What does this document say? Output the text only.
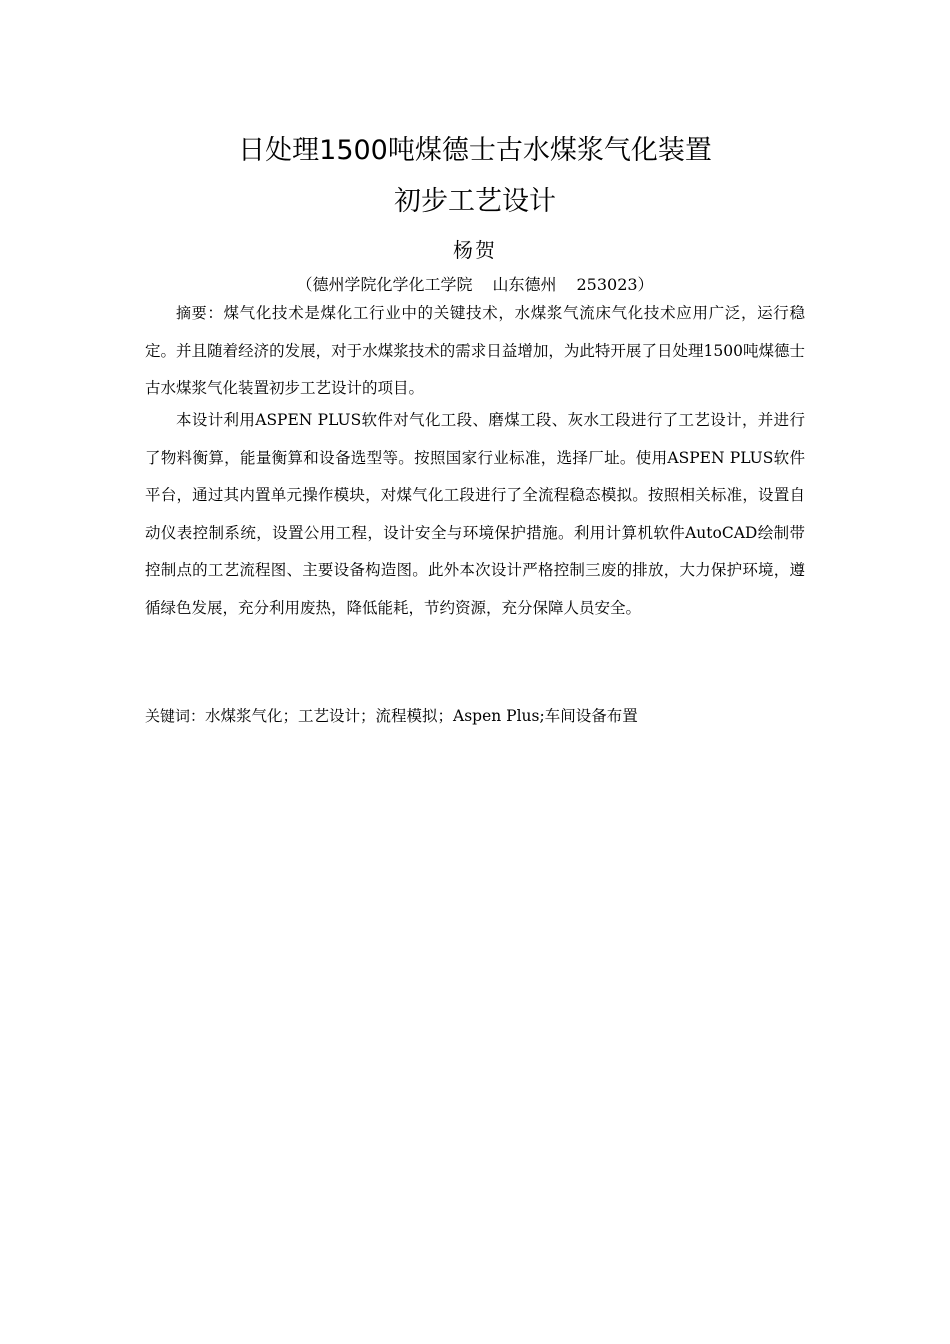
日处理1500吨煤德士古水煤浆气化装置
初步工艺设计
杨贺
（德州学院化学化工学院 山东德州 253023）

摘要：煤气化技术是煤化工行业中的关键技术，水煤浆气流床气化技术应用广泛，运行稳定。并且随着经济的发展，对于水煤浆技术的需求日益增加，为此特开展了日处理1500吨煤德士古水煤浆气化装置初步工艺设计的项目。

本设计利用ASPEN PLUS软件对气化工段、磨煤工段、灰水工段进行了工艺设计，并进行了物料衡算，能量衡算和设备选型等。按照国家行业标准，选择厂址。使用ASPEN PLUS软件平台，通过其内置单元操作模块，对煤气化工段进行了全流程稳态模拟。按照相关标准，设置自动仪表控制系统，设置公用工程，设计安全与环境保护措施。利用计算机软件AutoCAD绘制带控制点的工艺流程图、主要设备构造图。此外本次设计严格控制三废的排放，大力保护环境，遵循绿色发展，充分利用废热，降低能耗，节约资源，充分保障人员安全。

关键词：水煤浆气化；工艺设计；流程模拟；Aspen Plus;车间设备布置
